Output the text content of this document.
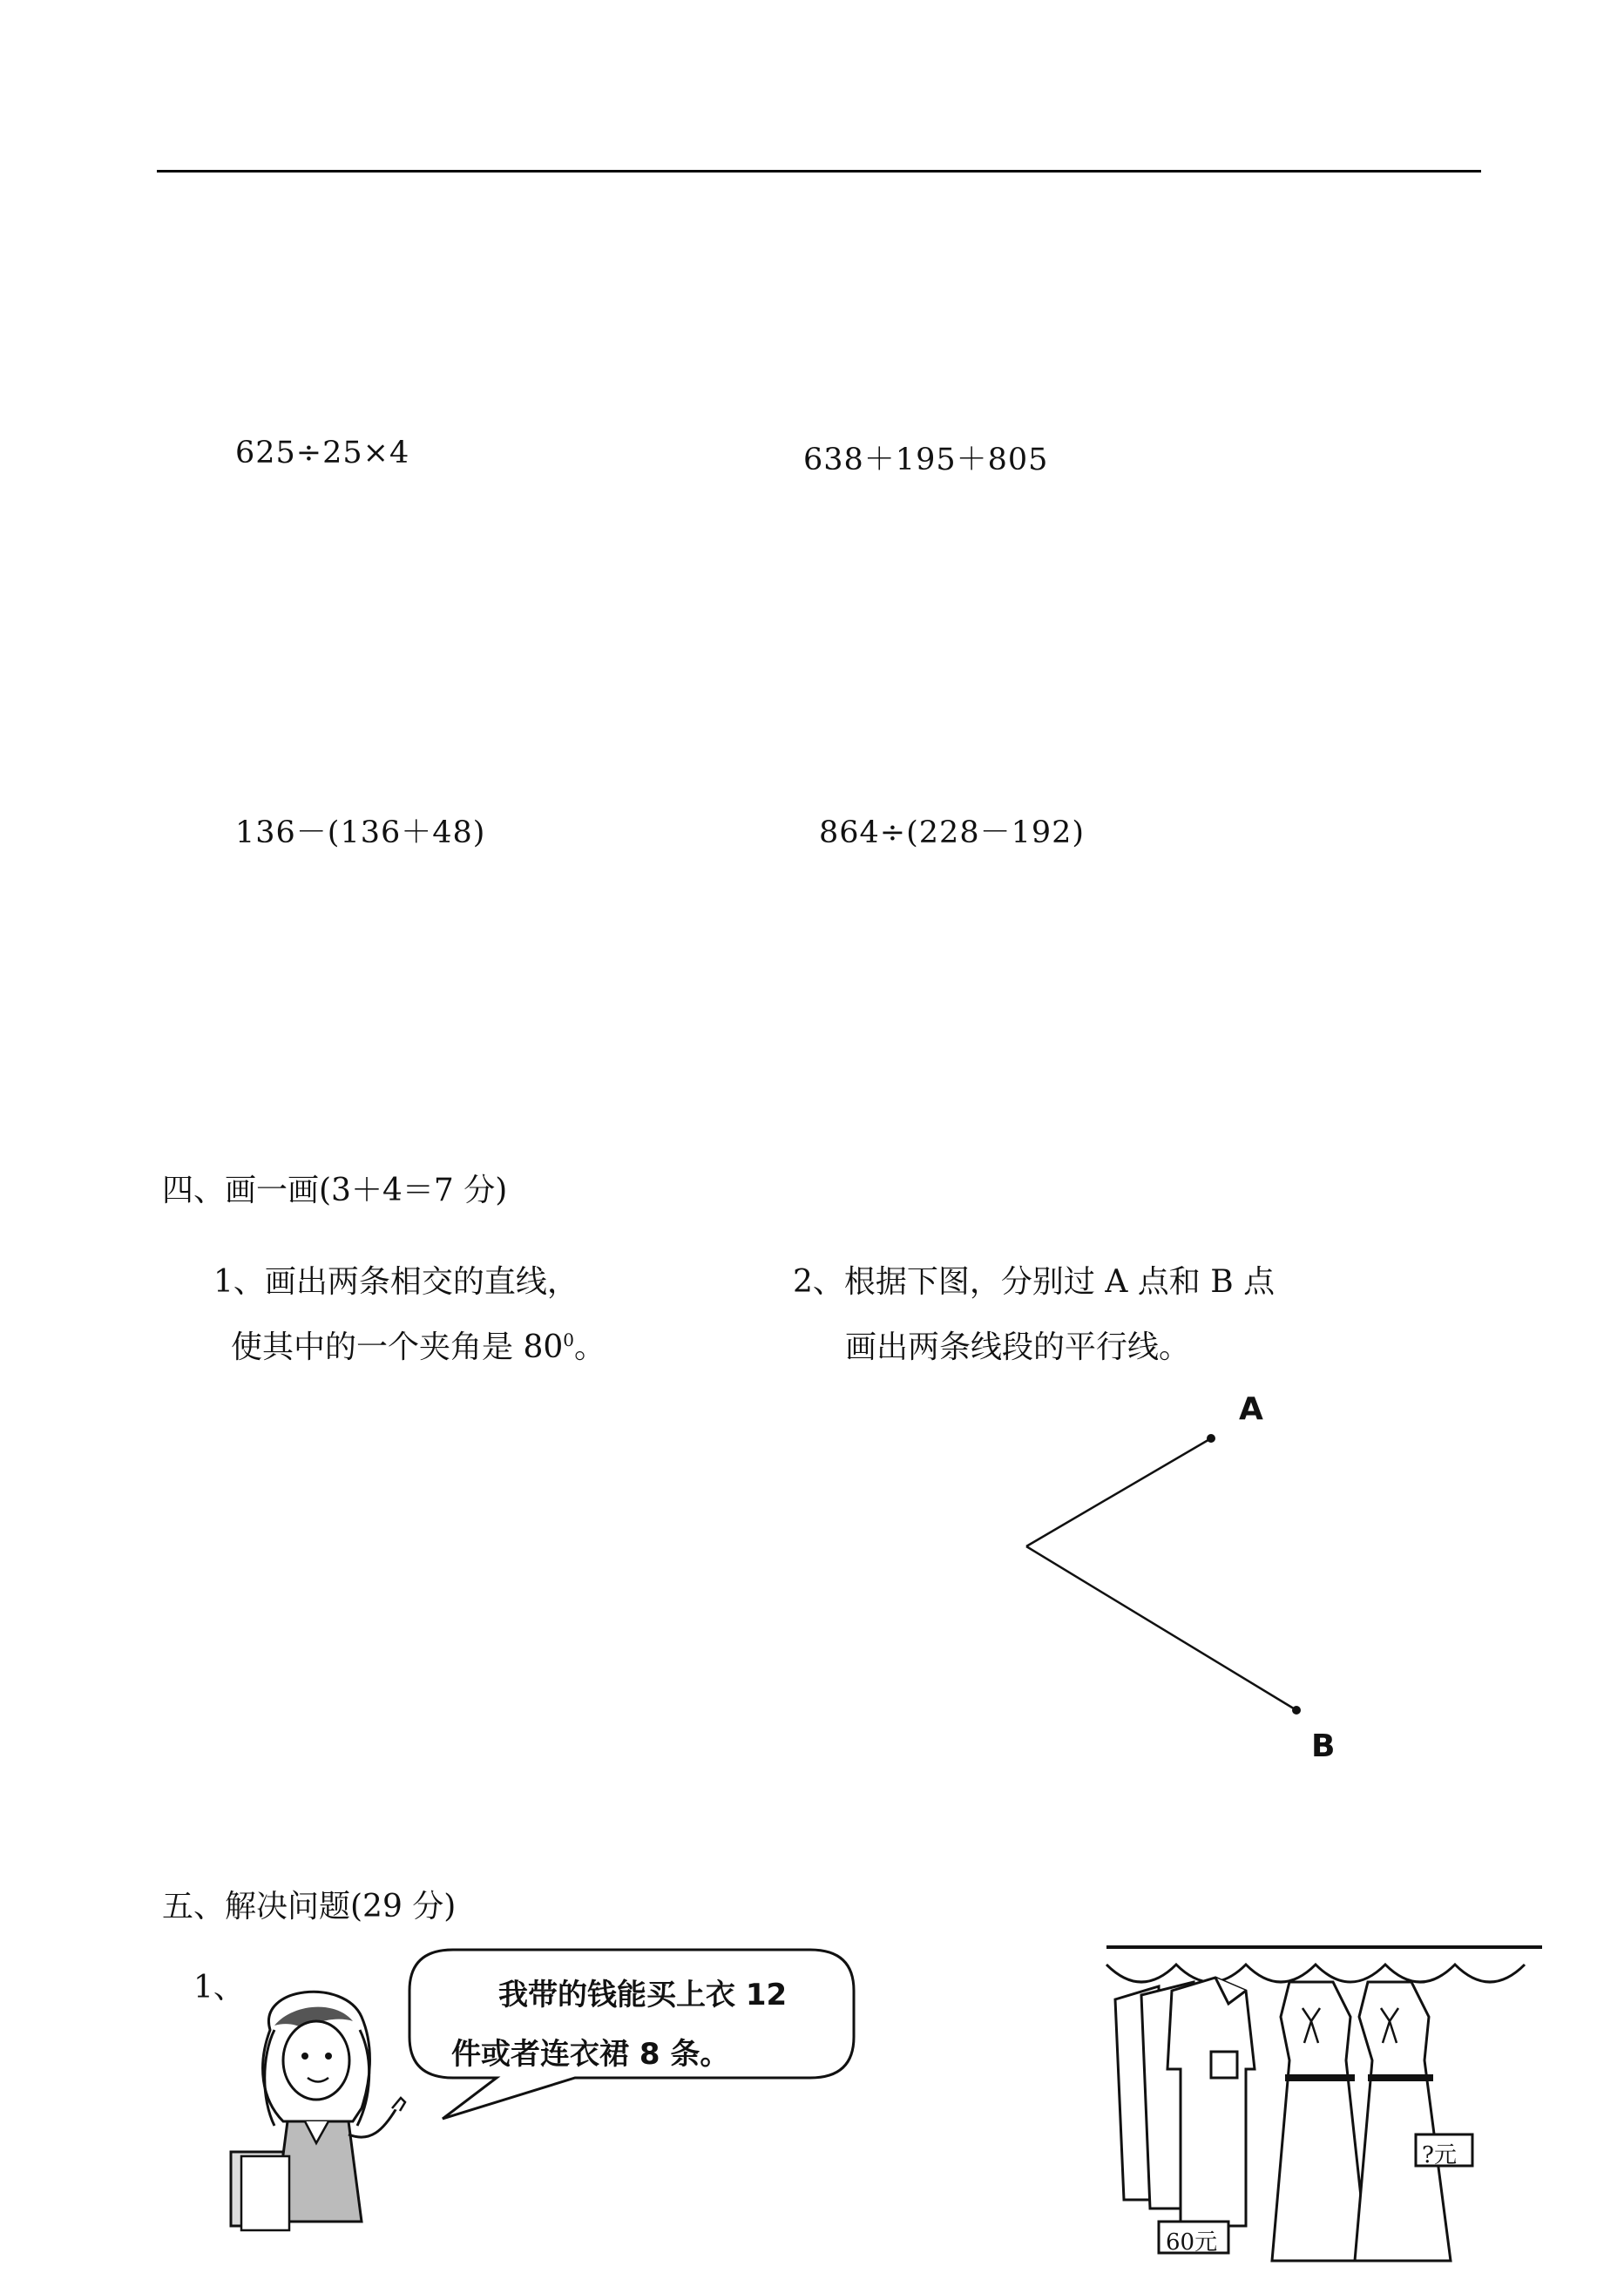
625÷25×4	638＋195＋805
136－(136＋48)	864÷(228－192)
四、画一画(3＋4＝7 分)
1、画出两条相交的直线，
使其中的一个夹角是 $80^0$。
2、根据下图，分别过 A 点和 B 点
画出两条线段的平行线。
A
B
五、解决问题(29 分)
1、	我带的钱能买上衣 12
件或者连衣裙 8 条。
60元
?元
